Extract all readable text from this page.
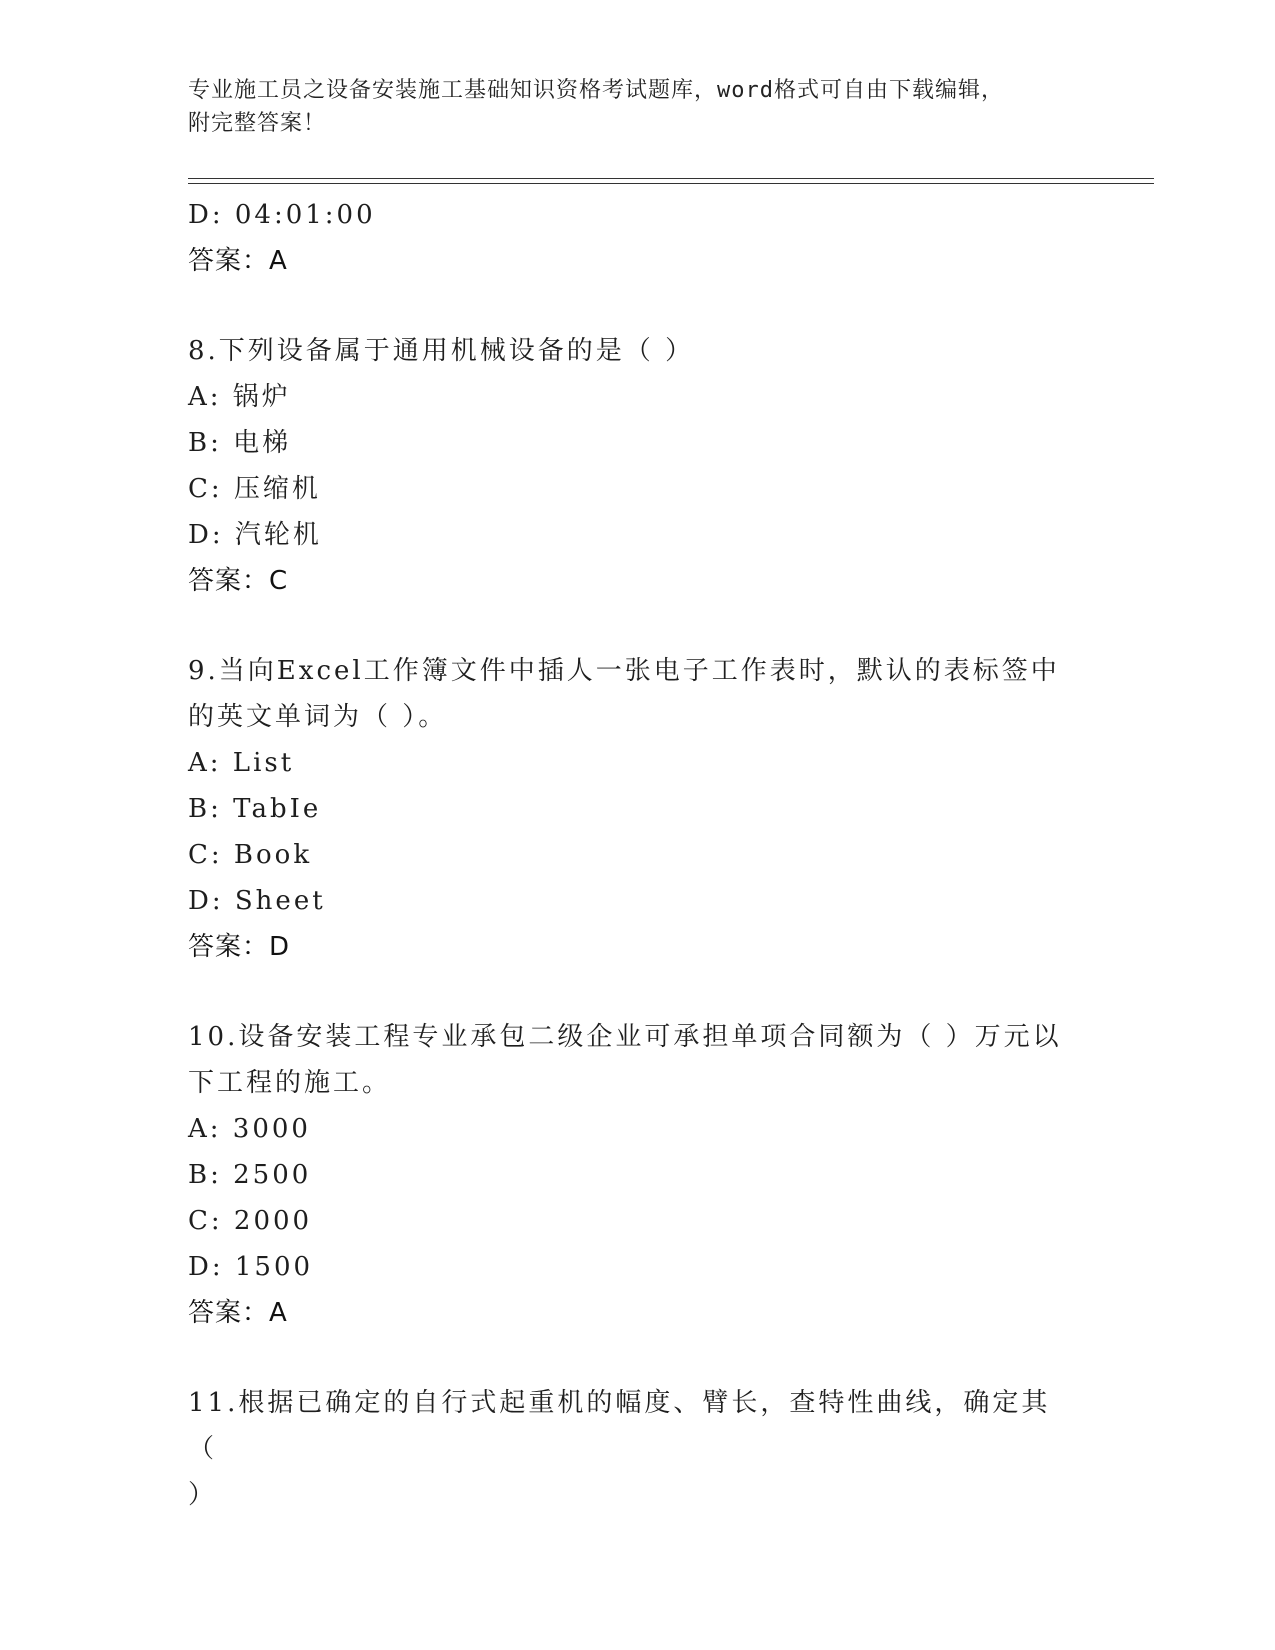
专业施工员之设备安装施工基础知识资格考试题库，word格式可自由下载编辑，
附完整答案！
D: 04:01:00
答案：A
8.下列设备属于通用机械设备的是（ ）
A: 锅炉
B: 电梯
C: 压缩机
D: 汽轮机
答案：C
9.当向Excel工作簿文件中插人一张电子工作表时，默认的表标签中
的英文单词为（ ）。
A: List
B: TabIe
C: Book
D: Sheet
答案：D
10.设备安装工程专业承包二级企业可承担单项合同额为（ ）万元以
下工程的施工。
A: 3000
B: 2500
C: 2000
D: 1500
答案：A
11.根据已确定的自行式起重机的幅度、臂长，查特性曲线，确定其（
）
